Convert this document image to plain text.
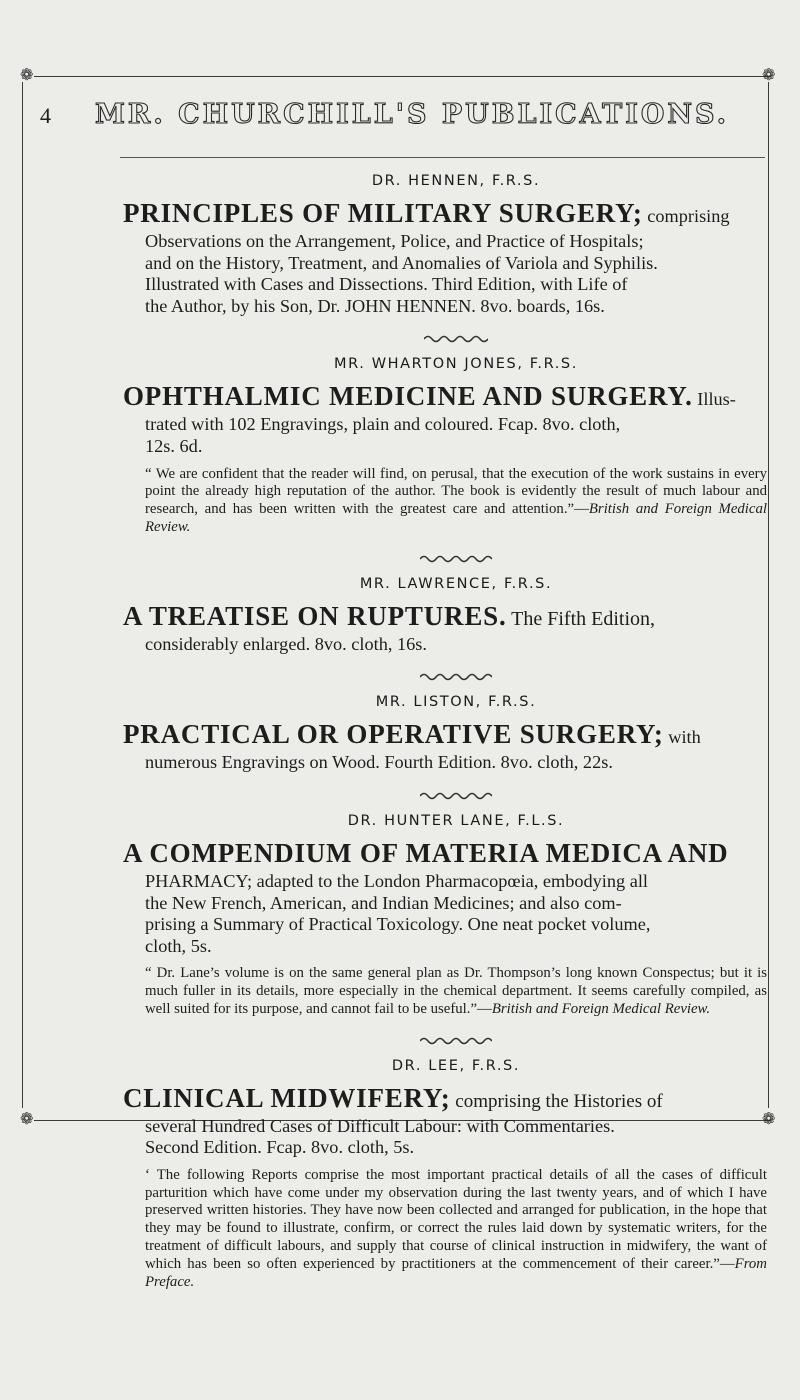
❁	❁
❁	❁
4 MR. CHURCHILL'S PUBLICATIONS.
DR. HENNEN, F.R.S.
PRINCIPLES OF MILITARY SURGERY; comprising
Observations on the Arrangement, Police, and Practice of Hospitals;
and on the History, Treatment, and Anomalies of Variola and Syphilis.
Illustrated with Cases and Dissections. Third Edition, with Life of
the Author, by his Son, Dr. JOHN HENNEN. 8vo. boards, 16s.
MR. WHARTON JONES, F.R.S.
OPHTHALMIC MEDICINE AND SURGERY. Illus-
trated with 102 Engravings, plain and coloured. Fcap. 8vo. cloth,
12s. 6d.
“ We are confident that the reader will find, on perusal, that the execution of the work sustains in every point the already high reputation of the author. The book is evidently the result of much labour and research, and has been written with the greatest care and attention.”—British and Foreign Medical Review.
MR. LAWRENCE, F.R.S.
A TREATISE ON RUPTURES. The Fifth Edition,
considerably enlarged. 8vo. cloth, 16s.
MR. LISTON, F.R.S.
PRACTICAL OR OPERATIVE SURGERY; with
numerous Engravings on Wood. Fourth Edition. 8vo. cloth, 22s.
DR. HUNTER LANE, F.L.S.
A COMPENDIUM OF MATERIA MEDICA AND
PHARMACY; adapted to the London Pharmacopœia, embodying all
the New French, American, and Indian Medicines; and also com-
prising a Summary of Practical Toxicology. One neat pocket volume,
cloth, 5s.
“ Dr. Lane’s volume is on the same general plan as Dr. Thompson’s long known Conspectus; but it is much fuller in its details, more especially in the chemical department. It seems carefully compiled, as well suited for its purpose, and cannot fail to be useful.”—British and Foreign Medical Review.
DR. LEE, F.R.S.
CLINICAL MIDWIFERY; comprising the Histories of
several Hundred Cases of Difficult Labour: with Commentaries.
Second Edition. Fcap. 8vo. cloth, 5s.
‘ The following Reports comprise the most important practical details of all the cases of difficult parturition which have come under my observation during the last twenty years, and of which I have preserved written histories. They have now been collected and arranged for publication, in the hope that they may be found to illustrate, confirm, or correct the rules laid down by systematic writers, for the treatment of difficult labours, and supply that course of clinical instruction in midwifery, the want of which has been so often experienced by practitioners at the commencement of their career.”—From Preface.
